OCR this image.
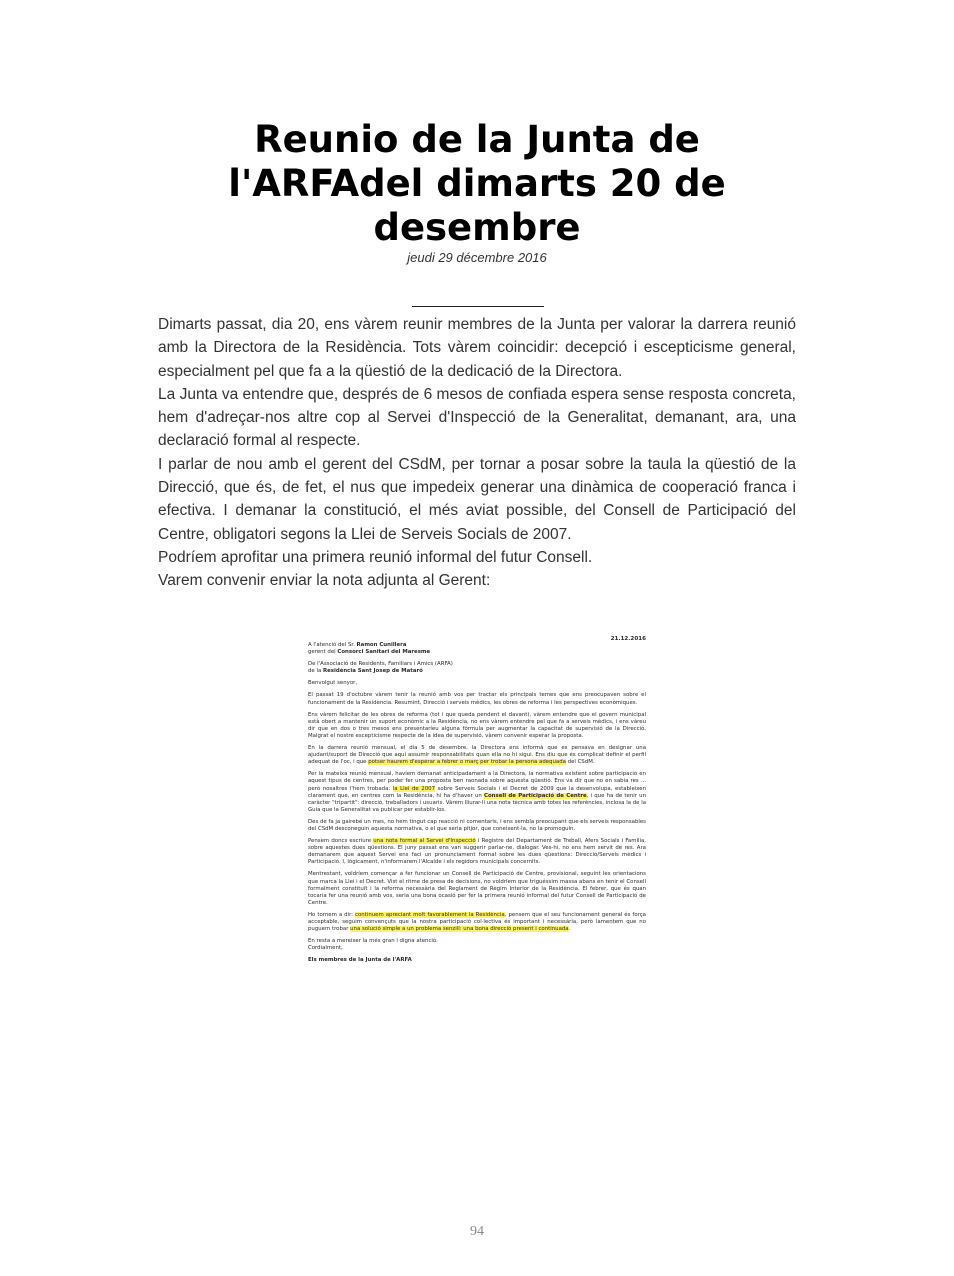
Reunio de la Junta de l'ARFAdel dimarts 20 de desembre
jeudi 29 décembre 2016

Dimarts passat, dia 20, ens vàrem reunir membres de la Junta per valorar la darrera reunió amb la Directora de la Residència. Tots vàrem coincidir: decepció i escepticisme general, especialment pel que fa a la qüestió de la dedicació de la Directora.

La Junta va entendre que, després de 6 mesos de confiada espera sense resposta concreta, hem d'adreçar-nos altre cop al Servei d'Inspecció de la Generalitat, demanant, ara, una declaració formal al respecte.

I parlar de nou amb el gerent del CSdM, per tornar a posar sobre la taula la qüestió de la Direcció, que és, de fet, el nus que impedeix generar una dinàmica de cooperació franca i efectiva. I demanar la constitució, el més aviat possible, del Consell de Participació del Centre, obligatori segons la Llei de Serveis Socials de 2007.

Podríem aprofitar una primera reunió informal del futur Consell.

Varem convenir enviar la nota adjunta al Gerent:

21.12.2016

A l'atenció del Sr. Ramon Cunillera
gerent del Consorci Sanitari del Maresme

De l'Associació de Residents, Familiars i Amics (ARFA)
de la Residència Sant Josep de Mataró

Benvolgut senyor,

El passat 19 d'octubre vàrem tenir la reunió amb vos per tractar els principals temes que ens preocupaven sobre el funcionament de la Residència. Resumint, Direcció i serveis mèdics, les obres de reforma i les perspectives econòmiques.

Ens vàrem felicitar de les obres de reforma (tot i que queda pendent el davant), vàrem entendre que el govern municipal està obert a mantenir un suport econòmic a la Residència, no ens vàrem entendre pel que fa a serveis mèdics, i ens vàreu dir que en dos o tres mesos ens presentaríeu alguna fórmula per augmentar la capacitat de supervisió de la Direcció. Malgrat el nostre escepticisme respecte de la idea de supervisió, vàrem convenir esperar la proposta.

En la darrera reunió mensual, el dia 5 de desembre, la Directora ens informà que es pensava en designar una ajudant/suport de Direcció que aquí assumir responsabilitats quan ella no hi sigui. Ens diu que és complicat definir el perfil adequat de l'oc, i que potser haurem d'esperar a febrer o març per trobar la persona adequada del CSdM.

Per la mateixa reunió mensual, havíem demanat anticipadament a la Directora, la normativa existent sobre participació en aquest tipus de centres, per poder fer una proposta ben raonada sobre aquesta qüestió. Ens va dir que no en sabia res ... però nosaltres l'hem trobada: la Llei de 2007 sobre Serveis Socials i el Decret de 2009 que la desenvolupa, estableixen clarament que, en centres com la Residència, hi ha d'haver un Consell de Participació de Centre, i que ha de tenir un caràcter "tripartit": direcció, treballadors i usuaris. Vàrem lliurar-li una nota tècnica amb totes les referències, inclosa la de la Guia que la Generalitat va publicar per establir-los.

Des de fa ja gairebé un mes, no hem tingut cap reacció ni comentaris, i ens sembla preocupant que els serveis responsables del CSdM desconeguin aquesta normativa, o el que seria pitjor, que coneixent-la, no la promoguin.

Pensem doncs escriure una nota formal al Servei d'Inspecció i Registre del Departament de Treball, Afers Socials i Família, sobre aquestes dues qüestions. El juny passat ens van suggerir parlar-ne, dialogar. Ves-hi, no ens hem servit de res. Ara demanarem que aquest Servei ens faci un pronunciament formal sobre les dues qüestions: Direcció/Serveis mèdics i Participació. I, lògicament, n'informarem l'Alcalde i els regidors municipals concernits.

Mentrestant, voldríem començar a fer funcionar un Consell de Participació de Centre, provisional, seguint les orientacions que marca la Llei i el Decret. Vist el ritme de presa de decisions, no voldríem que triguéssim massa abans en tenir el Consell formalment constituït i la reforma necessària del Reglament de Règim Interior de la Residència. El febrer, que és quan tocaria fer una reunió amb vos, seria una bona ocasió per fer la primera reunió informal del futur Consell de Participació de Centre.

Ho tornem a dir: continuem apreciant molt favorablement la Residència, pensem que el seu funcionament general és força acceptable, seguim convençuts que la nostra participació col·lectiva és important i necessària, però lamentem que no puguem trobar una solució simple a un problema senzill: una bona direcció present i continuada.

En resta a mereixer la més gran i digna atenció.
Cordialment,

Els membres de la Junta de l'ARFA

94
